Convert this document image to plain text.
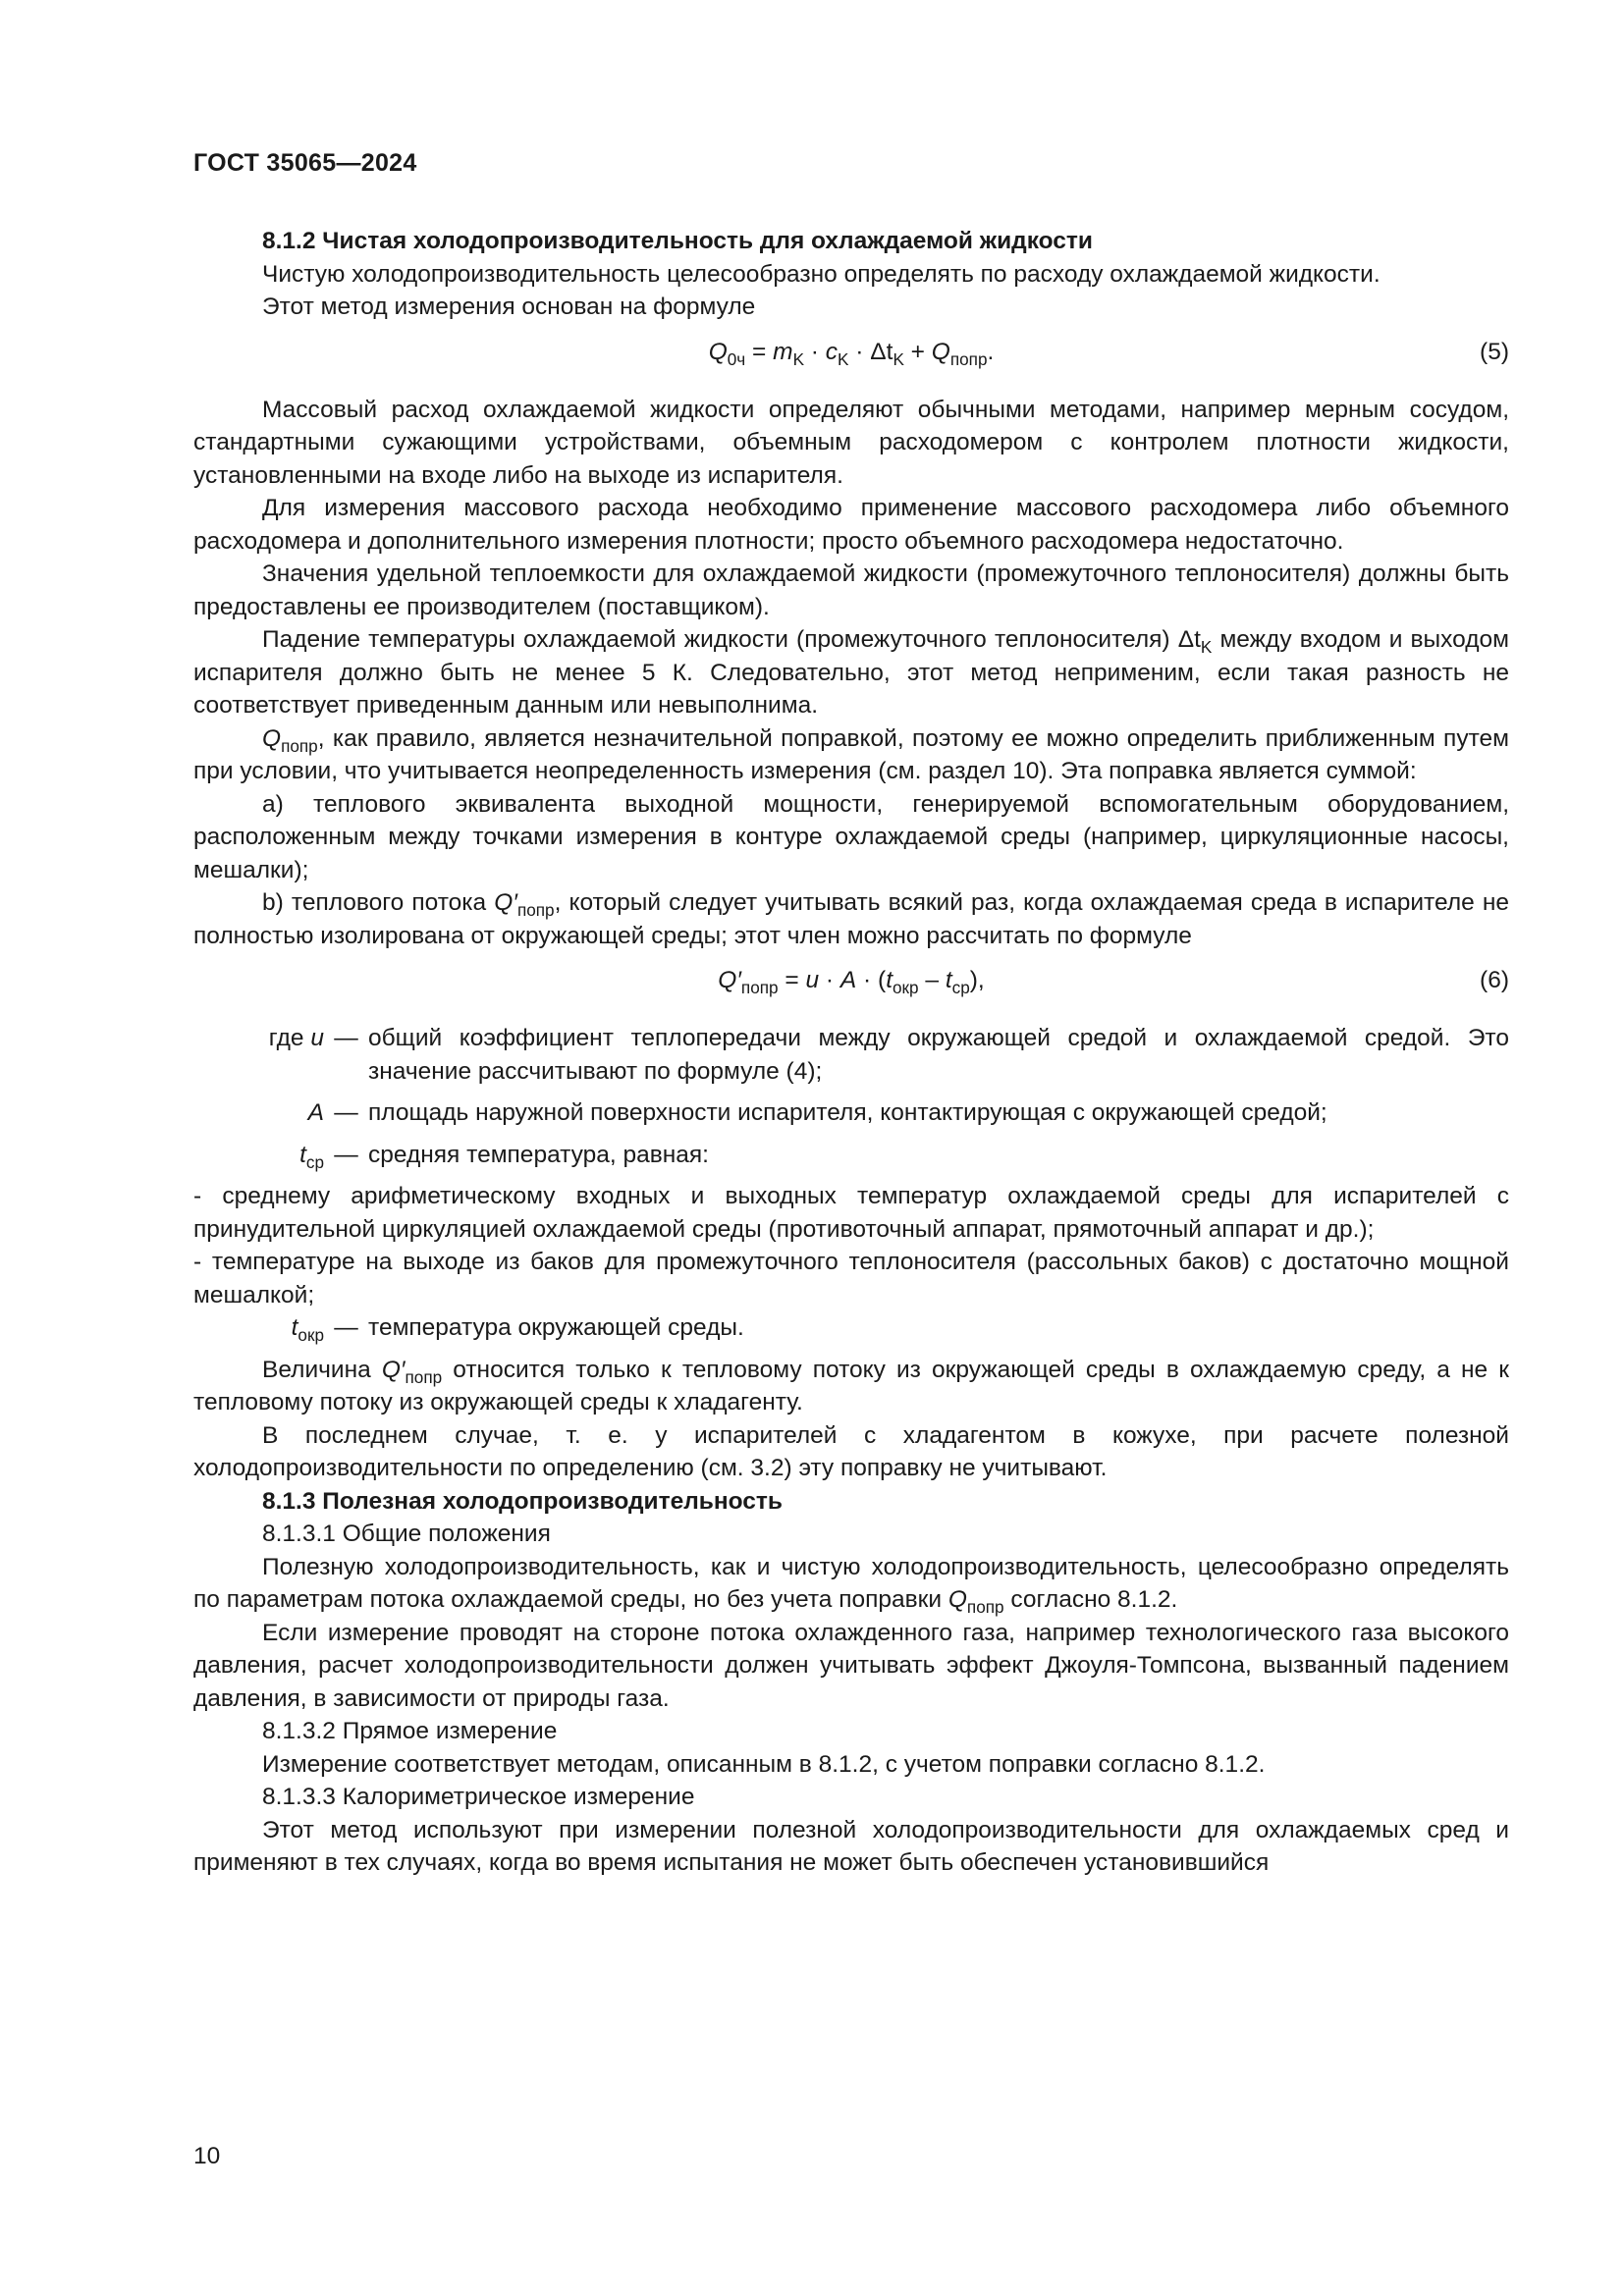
ГОСТ 35065—2024

8.1.2 Чистая холодопроизводительность для охлаждаемой жидкости

Чистую холодопроизводительность целесообразно определять по расходу охлаждаемой жидкости.

Этот метод измерения основан на формуле

$Q_{0ч} = m_K \cdot c_K \cdot \Delta t_K + Q_{попр}$.	(5)

Массовый расход охлаждаемой жидкости определяют обычными методами, например мерным сосудом, стандартными сужающими устройствами, объемным расходомером с контролем плотности жидкости, установленными на входе либо на выходе из испарителя.

Для измерения массового расхода необходимо применение массового расходомера либо объемного расходомера и дополнительного измерения плотности; просто объемного расходомера недостаточно.

Значения удельной теплоемкости для охлаждаемой жидкости (промежуточного теплоносителя) должны быть предоставлены ее производителем (поставщиком).

Падение температуры охлаждаемой жидкости (промежуточного теплоносителя) $\Delta t_K$ между входом и выходом испарителя должно быть не менее 5 К. Следовательно, этот метод неприменим, если такая разность не соответствует приведенным данным или невыполнима.

$Q_{попр}$, как правило, является незначительной поправкой, поэтому ее можно определить приближенным путем при условии, что учитывается неопределенность измерения (см. раздел 10). Эта поправка является суммой:

a) теплового эквивалента выходной мощности, генерируемой вспомогательным оборудованием, расположенным между точками измерения в контуре охлаждаемой среды (например, циркуляционные насосы, мешалки);

b) теплового потока $Q'_{попр}$, который следует учитывать всякий раз, когда охлаждаемая среда в испарителе не полностью изолирована от окружающей среды; этот член можно рассчитать по формуле

$Q'_{попр} = u \cdot A \cdot (t_{окр} - t_{ср})$,	(6)
где u — общий коэффициент теплопередачи между окружающей средой и охлаждаемой средой. Это значение рассчитывают по формуле (4);
A — площадь наружной поверхности испарителя, контактирующая с окружающей средой;
$t_{ср}$ — средняя температура, равная:

- среднему арифметическому входных и выходных температур охлаждаемой среды для испарителей с принудительной циркуляцией охлаждаемой среды (противоточный аппарат, прямоточный аппарат и др.);

- температуре на выходе из баков для промежуточного теплоносителя (рассольных баков) с достаточно мощной мешалкой;

$t_{окр}$ — температура окружающей среды.

Величина $Q'_{попр}$ относится только к тепловому потоку из окружающей среды в охлаждаемую среду, а не к тепловому потоку из окружающей среды к хладагенту.

В последнем случае, т. е. у испарителей с хладагентом в кожухе, при расчете полезной холодопроизводительности по определению (см. 3.2) эту поправку не учитывают.

8.1.3 Полезная холодопроизводительность

8.1.3.1 Общие положения

Полезную холодопроизводительность, как и чистую холодопроизводительность, целесообразно определять по параметрам потока охлаждаемой среды, но без учета поправки $Q_{попр}$ согласно 8.1.2.

Если измерение проводят на стороне потока охлажденного газа, например технологического газа высокого давления, расчет холодопроизводительности должен учитывать эффект Джоуля-Томпсона, вызванный падением давления, в зависимости от природы газа.

8.1.3.2 Прямое измерение

Измерение соответствует методам, описанным в 8.1.2, с учетом поправки согласно 8.1.2.

8.1.3.3 Калориметрическое измерение

Этот метод используют при измерении полезной холодопроизводительности для охлаждаемых сред и применяют в тех случаях, когда во время испытания не может быть обеспечен установившийся

10
